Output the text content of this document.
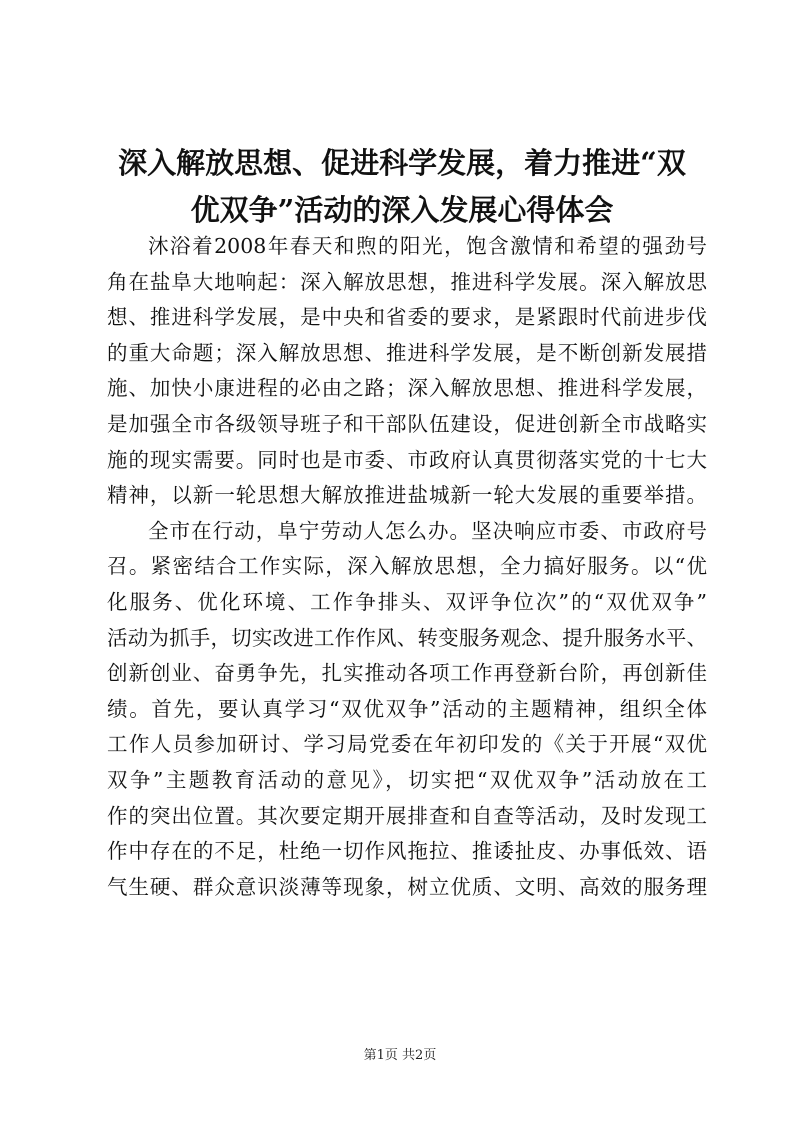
深入解放思想、促进科学发展，着力推进“双
优双争”活动的深入发展心得体会
沐浴着2008年春天和煦的阳光，饱含激情和希望的强劲号
角在盐阜大地响起：深入解放思想，推进科学发展。深入解放思
想、推进科学发展，是中央和省委的要求，是紧跟时代前进步伐
的重大命题；深入解放思想、推进科学发展，是不断创新发展措
施、加快小康进程的必由之路；深入解放思想、推进科学发展，
是加强全市各级领导班子和干部队伍建设，促进创新全市战略实
施的现实需要。同时也是市委、市政府认真贯彻落实党的十七大
精神，以新一轮思想大解放推进盐城新一轮大发展的重要举措。
全市在行动，阜宁劳动人怎么办。坚决响应市委、市政府号
召。紧密结合工作实际，深入解放思想，全力搞好服务。以“优
化服务、优化环境、工作争排头、双评争位次”的“双优双争”
活动为抓手，切实改进工作作风、转变服务观念、提升服务水平、
创新创业、奋勇争先，扎实推动各项工作再登新台阶，再创新佳
绩。首先，要认真学习“双优双争”活动的主题精神，组织全体
工作人员参加研讨、学习局党委在年初印发的《关于开展“双优
双争”主题教育活动的意见》，切实把“双优双争”活动放在工
作的突出位置。其次要定期开展排查和自查等活动，及时发现工
作中存在的不足，杜绝一切作风拖拉、推诿扯皮、办事低效、语
气生硬、群众意识淡薄等现象，树立优质、文明、高效的服务理
第1页 共2页
